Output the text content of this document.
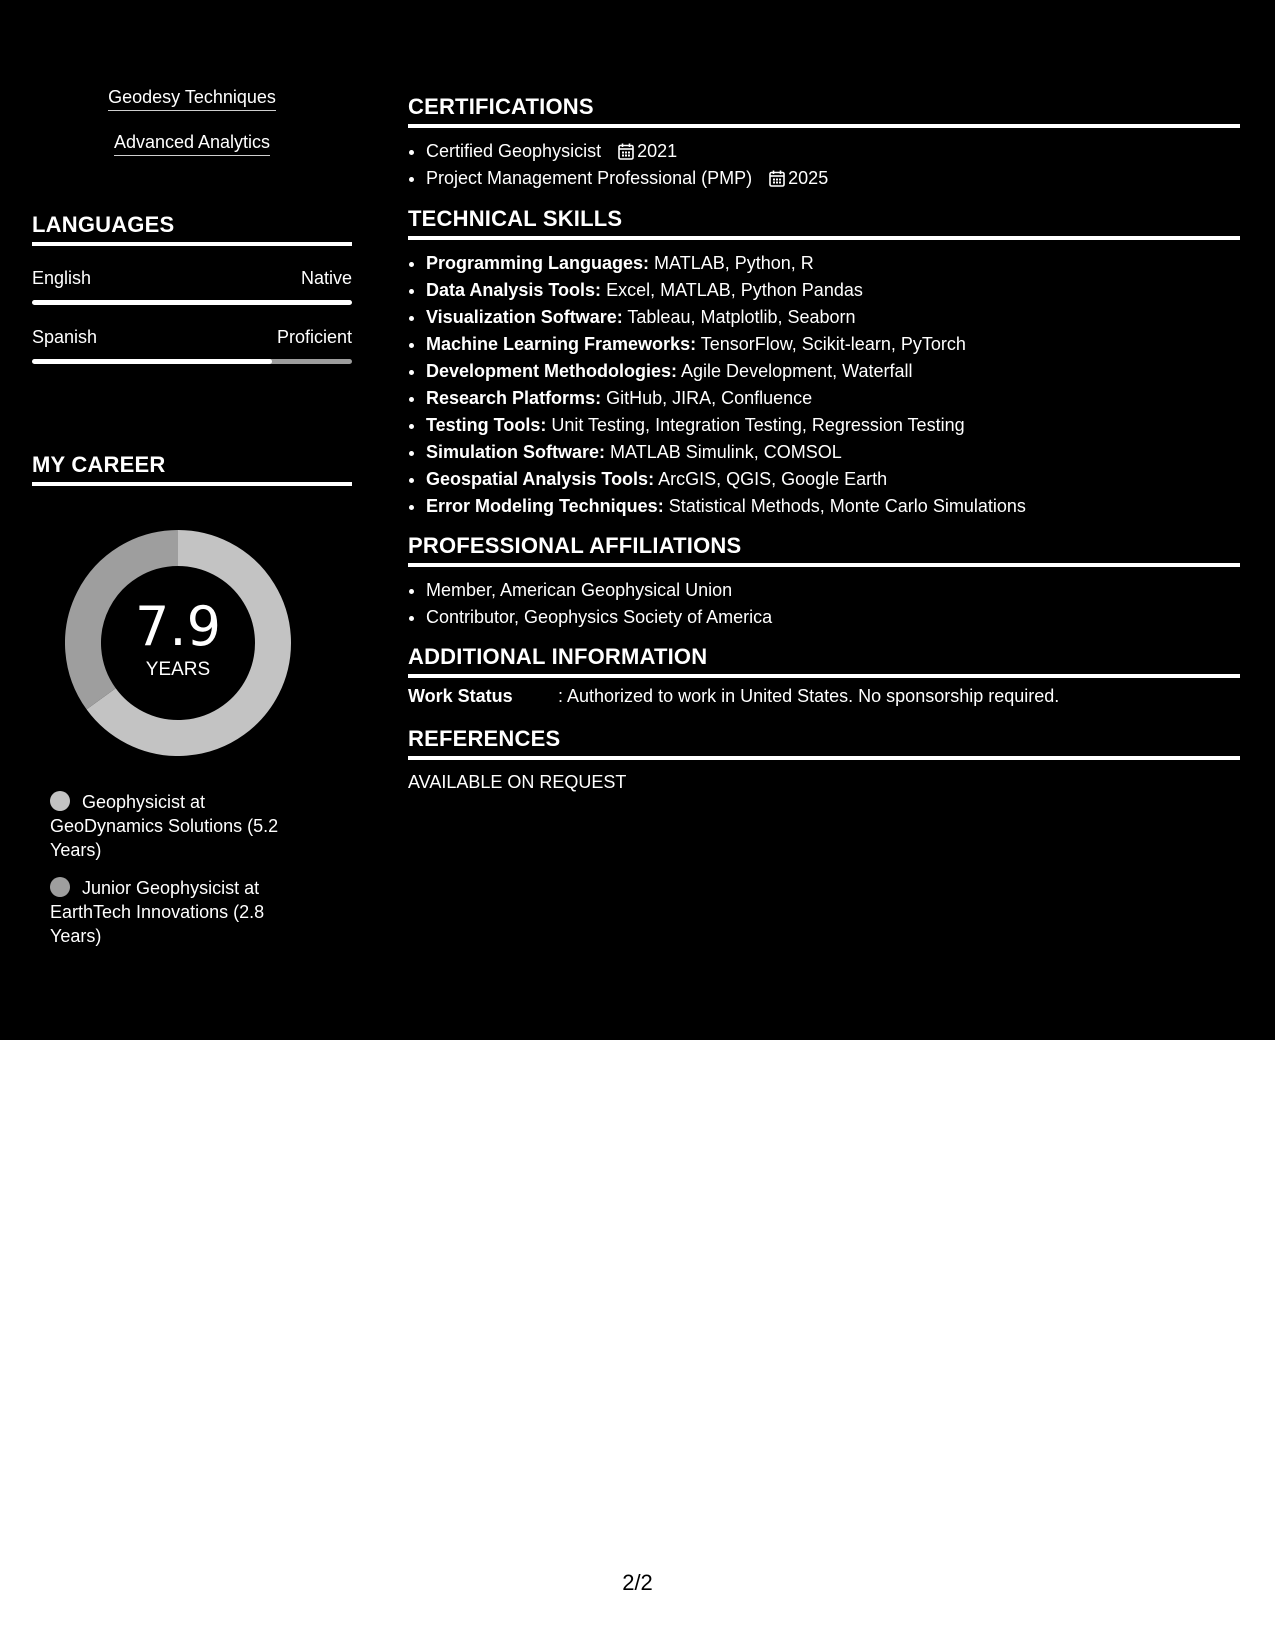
Geodesy Techniques
Advanced Analytics
LANGUAGES
English	Native
Spanish	Proficient
MY CAREER
7.9
YEARS
Geophysicist at GeoDynamics Solutions (5.2 Years)
Junior Geophysicist at EarthTech Innovations (2.8 Years)
CERTIFICATIONS
• Certified Geophysicist 2021
• Project Management Professional (PMP) 2025
TECHNICAL SKILLS
• Programming Languages: MATLAB, Python, R
• Data Analysis Tools: Excel, MATLAB, Python Pandas
• Visualization Software: Tableau, Matplotlib, Seaborn
• Machine Learning Frameworks: TensorFlow, Scikit-learn, PyTorch
• Development Methodologies: Agile Development, Waterfall
• Research Platforms: GitHub, JIRA, Confluence
• Testing Tools: Unit Testing, Integration Testing, Regression Testing
• Simulation Software: MATLAB Simulink, COMSOL
• Geospatial Analysis Tools: ArcGIS, QGIS, Google Earth
• Error Modeling Techniques: Statistical Methods, Monte Carlo Simulations
PROFESSIONAL AFFILIATIONS
• Member, American Geophysical Union
• Contributor, Geophysics Society of America
ADDITIONAL INFORMATION
Work Status	: Authorized to work in United States. No sponsorship required.
REFERENCES
AVAILABLE ON REQUEST
2/2
